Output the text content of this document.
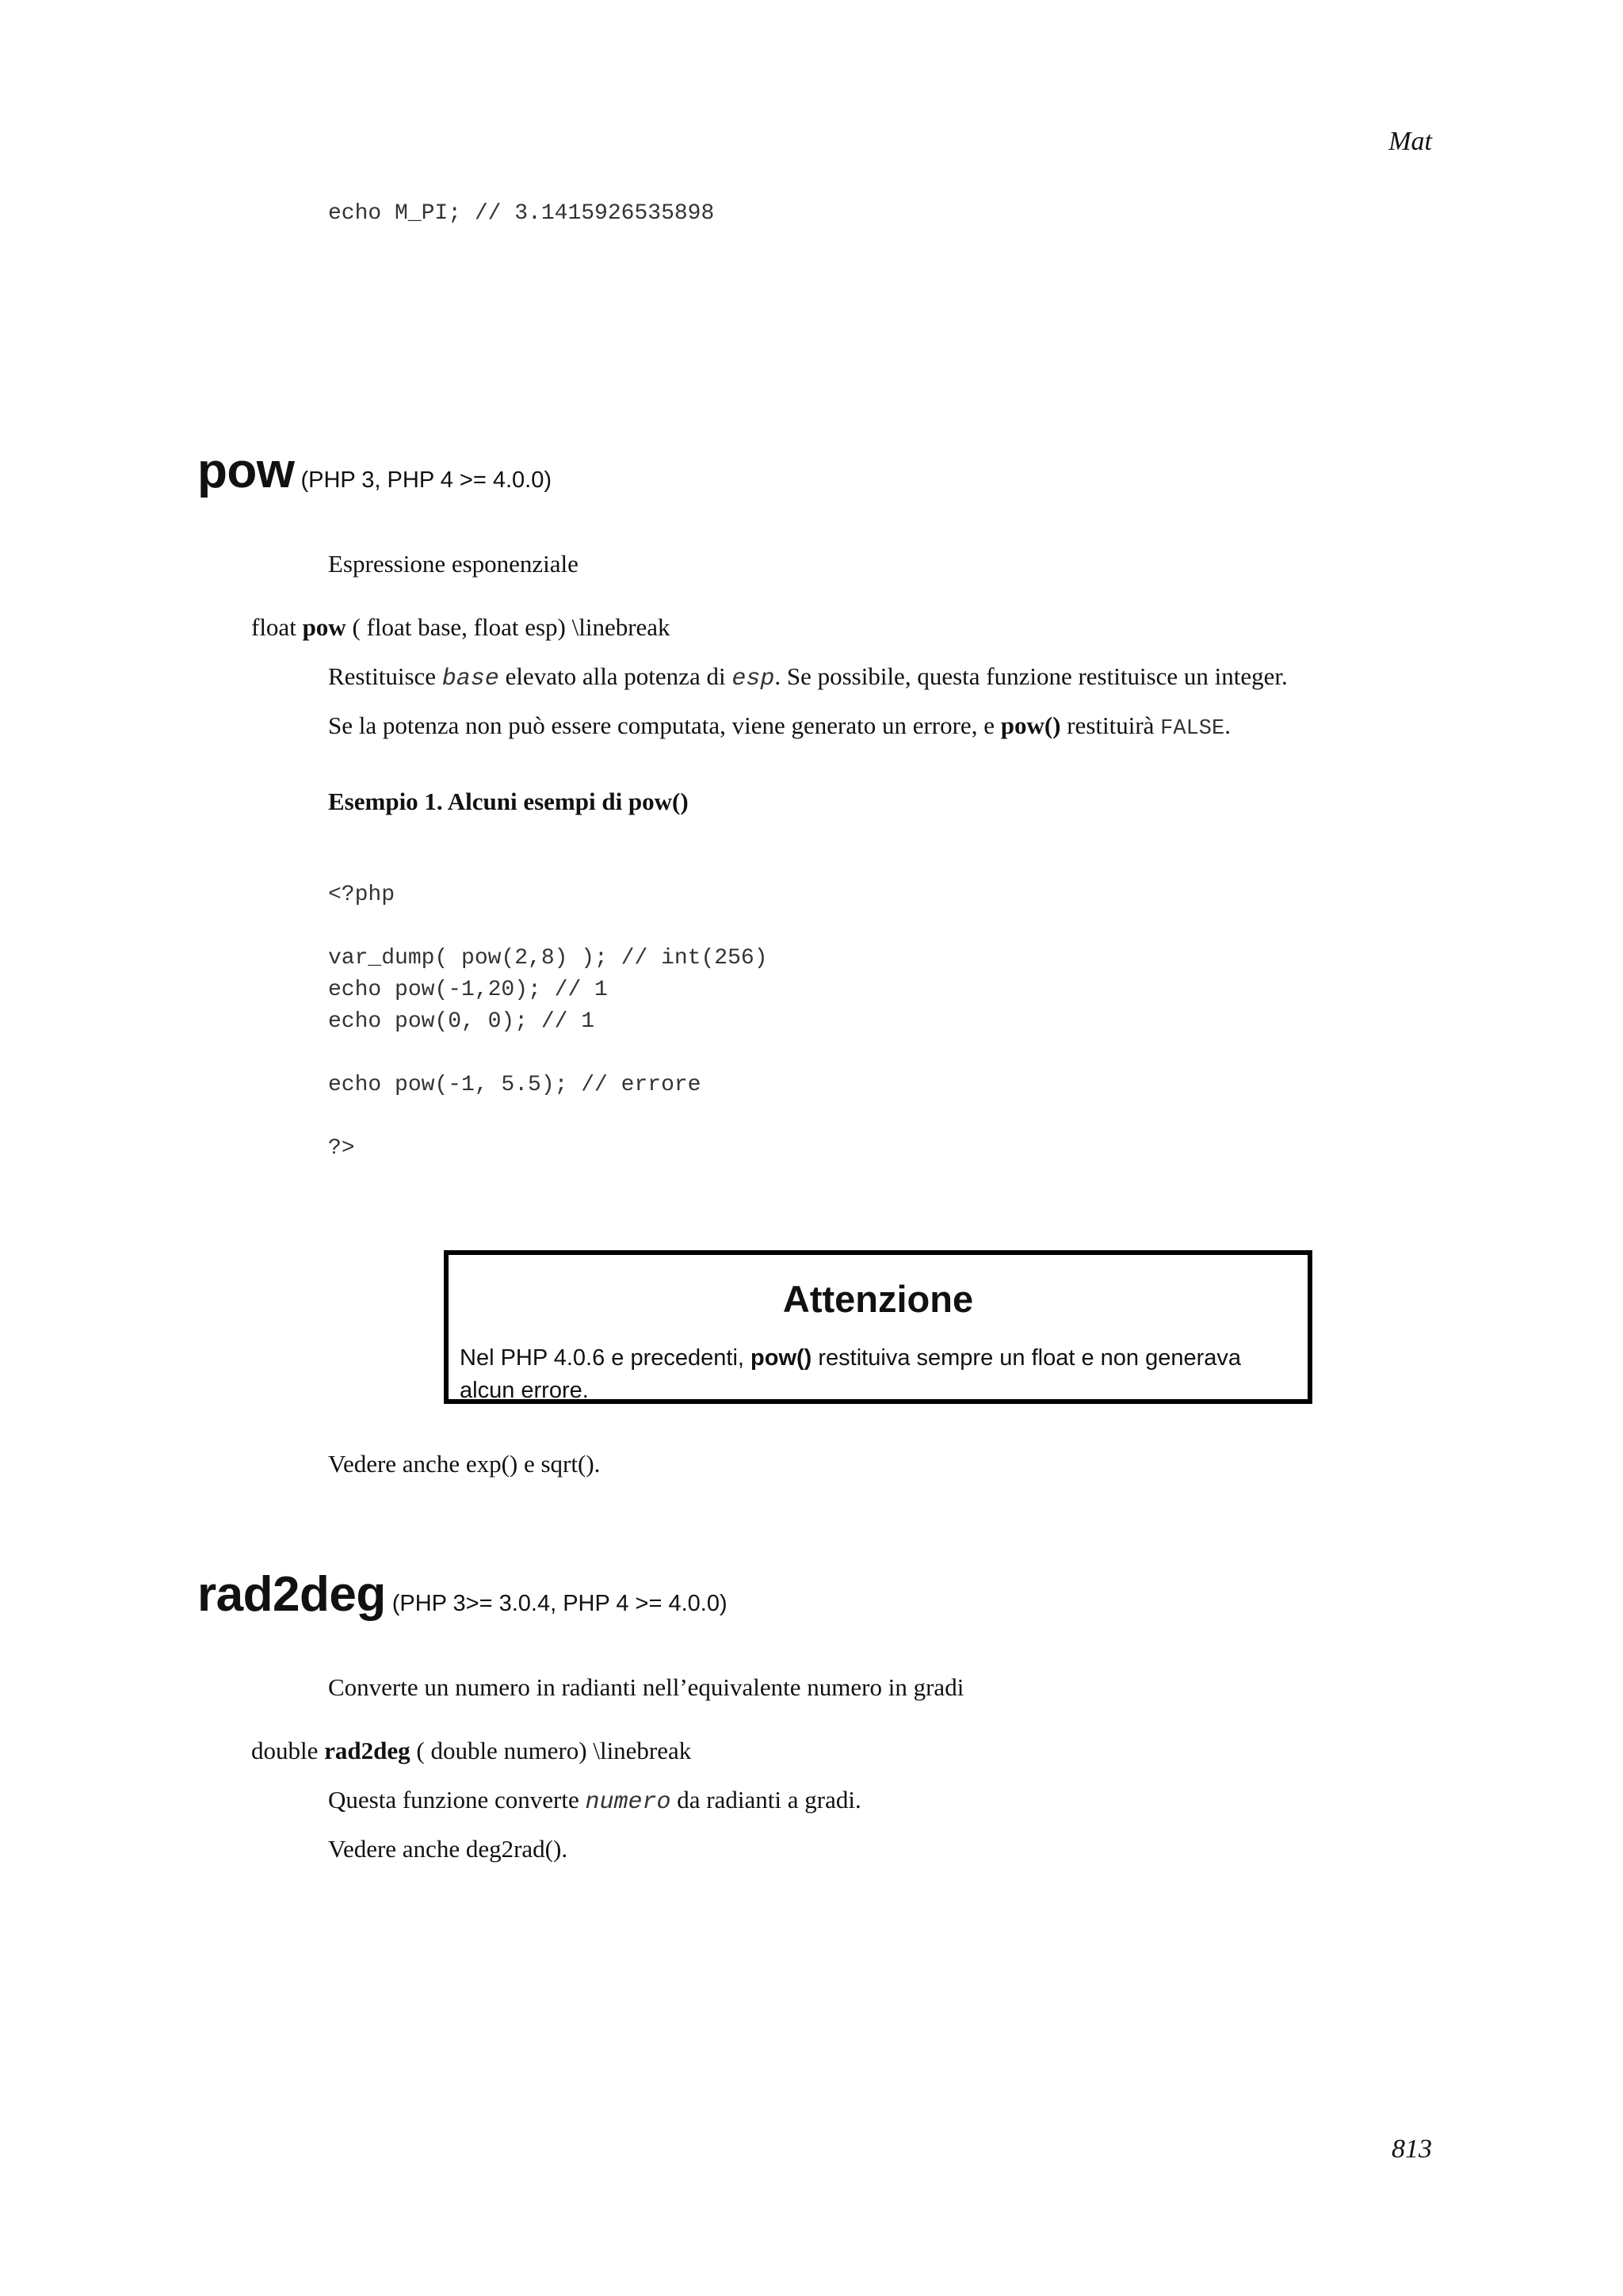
Mat
echo M_PI; // 3.1415926535898
pow (PHP 3, PHP 4 >= 4.0.0)
Espressione esponenziale
float pow ( float base, float esp) \linebreak
Restituisce base elevato alla potenza di esp. Se possibile, questa funzione restituisce un integer.
Se la potenza non può essere computata, viene generato un errore, e pow() restituirà FALSE.
Esempio 1. Alcuni esempi di pow()
<?php
var_dump( pow(2,8) ); // int(256)
echo pow(-1,20); // 1
echo pow(0, 0); // 1
echo pow(-1, 5.5); // errore
?>
Attenzione
Nel PHP 4.0.6 e precedenti, pow() restituiva sempre un float e non generava alcun errore.
Vedere anche exp() e sqrt().
rad2deg (PHP 3>= 3.0.4, PHP 4 >= 4.0.0)
Converte un numero in radianti nell’equivalente numero in gradi
double rad2deg ( double numero) \linebreak
Questa funzione converte numero da radianti a gradi.
Vedere anche deg2rad().
813
